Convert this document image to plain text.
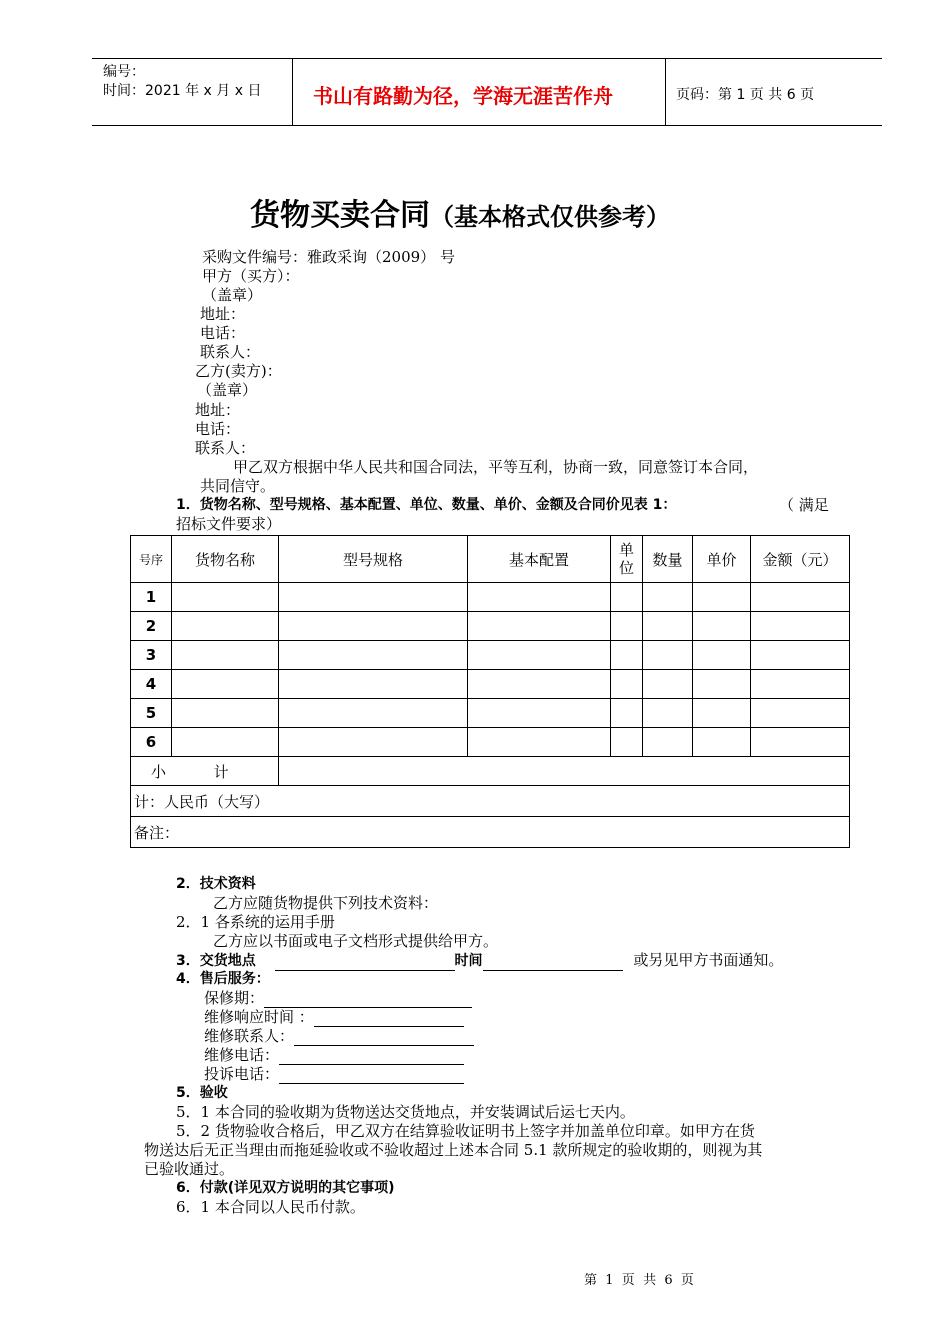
编号：
时间：2021 年 x 月 x 日	书山有路勤为径，学海无涯苦作舟	页码：第 1 页 共 6 页
货物买卖合同（基本格式仅供参考）
采购文件编号：雅政采询（2009） 号
甲方（买方）：
（盖章）
地址：
电话：
联系人：
乙方(卖方)：
（盖章）
地址：
电话：
联系人：
甲乙双方根据中华人民共和国合同法，平等互利，协商一致，同意签订本合同，
共同信守。
1．货物名称、型号规格、基本配置、单位、数量、单价、金额及合同价见表 1：	（ 满足
招标文件要求）
号序	货物名称	型号规格	基本配置	单位	数量	单价	金额（元）
1							
2							
3							
4							
5							
6							
小          计							
计：人民币（大写）							
备注：							
2．技术资料
乙方应随货物提供下列技术资料：
2．1 各系统的运用手册
乙方应以书面或电子文档形式提供给甲方。
3．交货地点	时间	或另见甲方书面通知。
4．售后服务：
保修期：
维修响应时间 ：
维修联系人：
维修电话：
投诉电话：
5．验收
5．1 本合同的验收期为货物送达交货地点，并安装调试后运七天内。
5．2 货物验收合格后，甲乙双方在结算验收证明书上签字并加盖单位印章。如甲方在货
物送达后无正当理由而拖延验收或不验收超过上述本合同 5.1 款所规定的验收期的，则视为其
已验收通过。
6．付款(详见双方说明的其它事项)
6．1 本合同以人民币付款。
第  1  页  共  6  页
